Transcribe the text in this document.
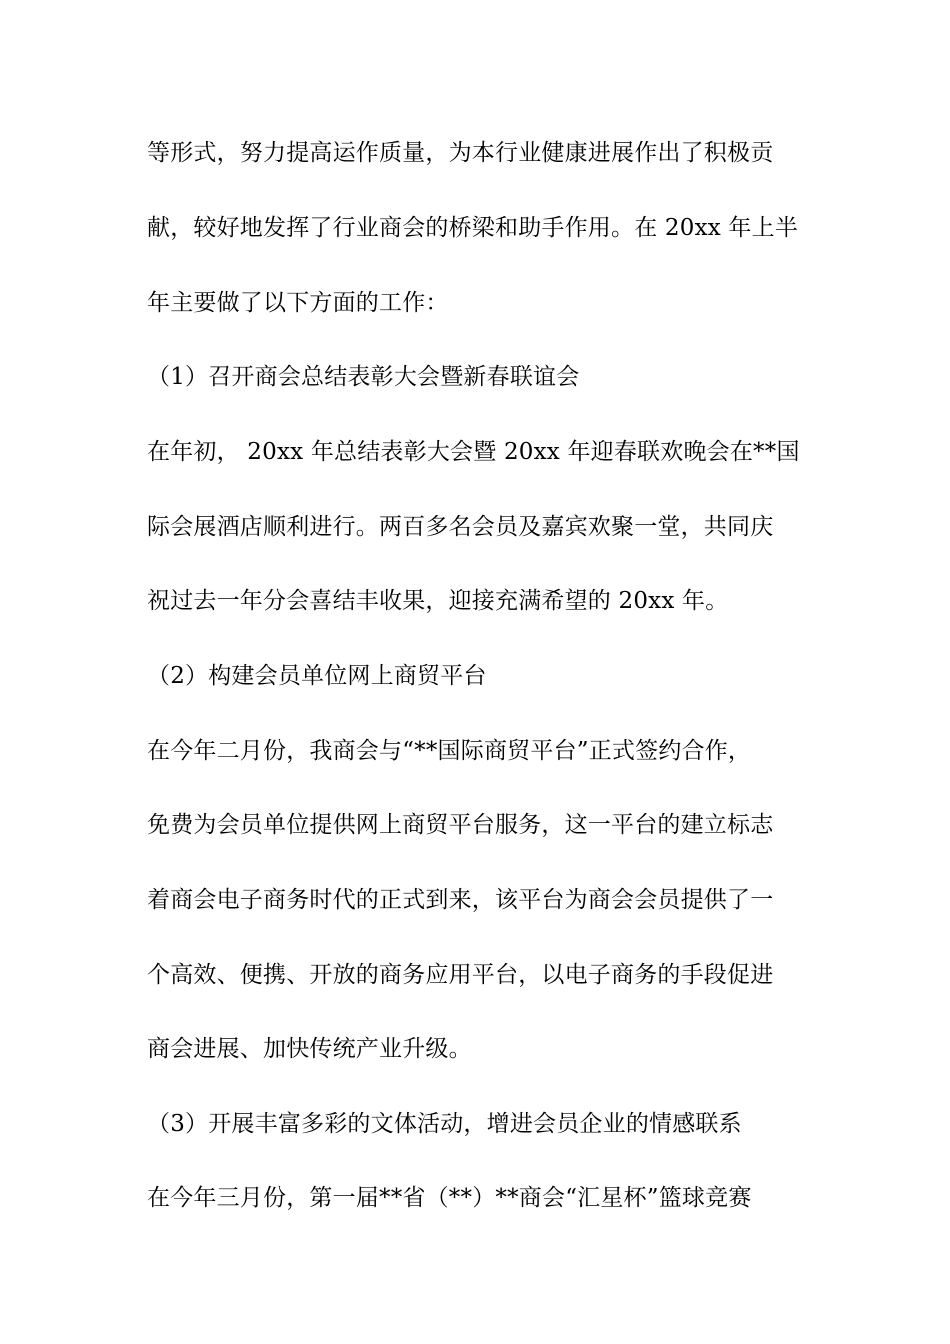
等形式，努力提高运作质量，为本行业健康进展作出了积极贡
献，较好地发挥了行业商会的桥梁和助手作用。在 20xx 年上半
年主要做了以下方面的工作：
（1）召开商会总结表彰大会暨新春联谊会
在年初， 20xx 年总结表彰大会暨 20xx 年迎春联欢晚会在**国
际会展酒店顺利进行。两百多名会员及嘉宾欢聚一堂，共同庆
祝过去一年分会喜结丰收果，迎接充满希望的 20xx 年。
（2）构建会员单位网上商贸平台
在今年二月份，我商会与“**国际商贸平台”正式签约合作，
免费为会员单位提供网上商贸平台服务，这一平台的建立标志
着商会电子商务时代的正式到来，该平台为商会会员提供了一
个高效、便携、开放的商务应用平台，以电子商务的手段促进
商会进展、加快传统产业升级。
（3）开展丰富多彩的文体活动，增进会员企业的情感联系
在今年三月份，第一届**省（**）**商会“汇星杯”篮球竞赛
